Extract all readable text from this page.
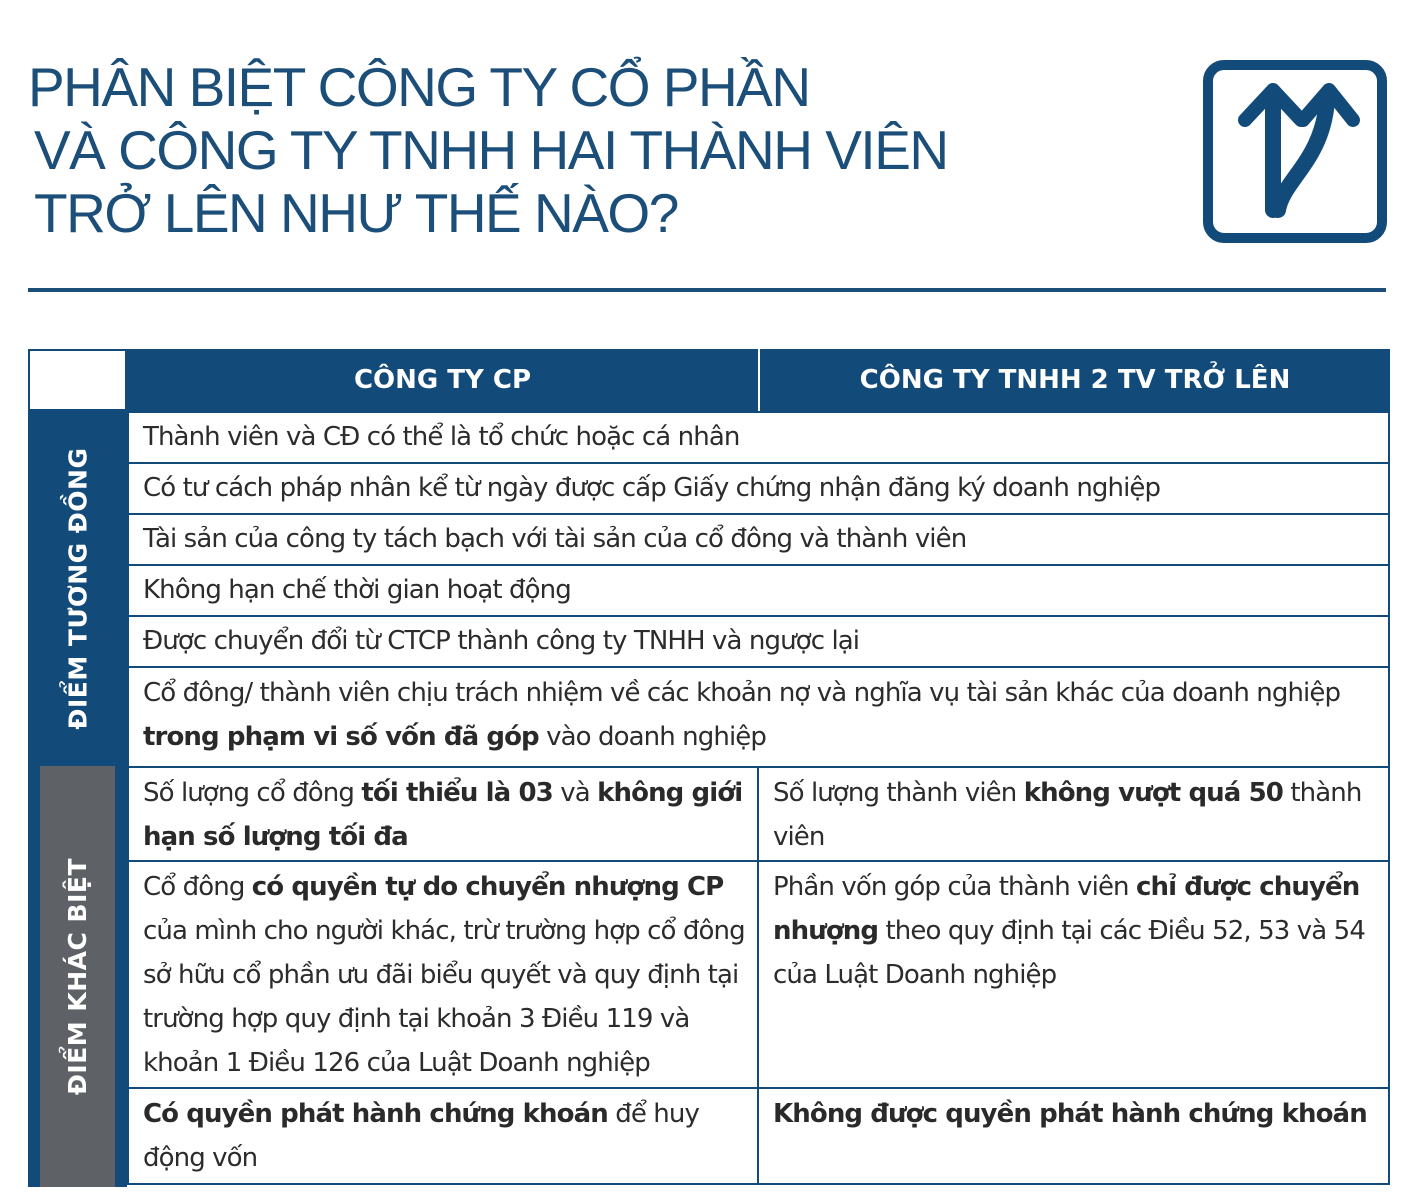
PHÂN BIỆT CÔNG TY CỔ PHẦN
VÀ CÔNG TY TNHH HAI THÀNH VIÊN
TRỞ LÊN NHƯ THẾ NÀO?
CÔNG TY CP	CÔNG TY TNHH 2 TV TRỞ LÊN
ĐIỂM TƯƠNG ĐỒNG
ĐIỂM KHÁC BIỆT
Thành viên và CĐ có thể là tổ chức hoặc cá nhân
Có tư cách pháp nhân kể từ ngày được cấp Giấy chứng nhận đăng ký doanh nghiệp
Tài sản của công ty tách bạch với tài sản của cổ đông và thành viên
Không hạn chế thời gian hoạt động
Được chuyển đổi từ CTCP thành công ty TNHH và ngược lại
Cổ đông/ thành viên chịu trách nhiệm về các khoản nợ và nghĩa vụ tài sản khác của doanh nghiệp trong phạm vi số vốn đã góp vào doanh nghiệp
Số lượng cổ đông tối thiểu là 03 và không giới hạn số lượng tối đa
Số lượng thành viên không vượt quá 50 thành viên
Cổ đông có quyền tự do chuyển nhượng CP của mình cho người khác, trừ trường hợp cổ đông sở hữu cổ phần ưu đãi biểu quyết và quy định tại trường hợp quy định tại khoản 3 Điều 119 và khoản 1 Điều 126 của Luật Doanh nghiệp
Phần vốn góp của thành viên chỉ được chuyển nhượng theo quy định tại các Điều 52, 53 và 54 của Luật Doanh nghiệp
Có quyền phát hành chứng khoán để huy động vốn
Không được quyền phát hành chứng khoán
